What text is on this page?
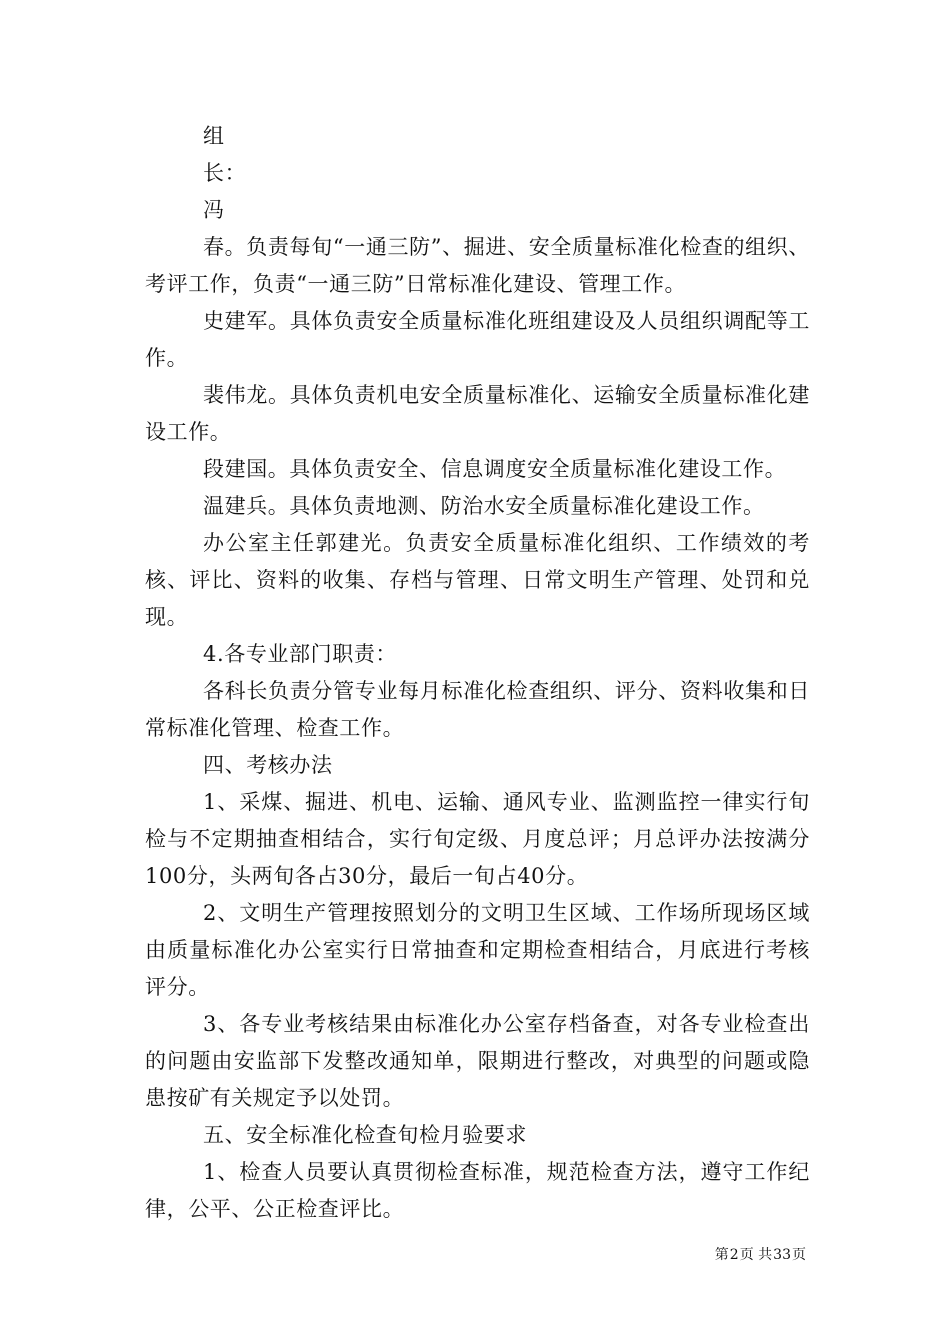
组

长：

冯

春。负责每旬“一通三防”、掘进、安全质量标准化检查的组织、考评工作，负责“一通三防”日常标准化建设、管理工作。

史建军。具体负责安全质量标准化班组建设及人员组织调配等工作。

裴伟龙。具体负责机电安全质量标准化、运输安全质量标准化建设工作。

段建国。具体负责安全、信息调度安全质量标准化建设工作。

温建兵。具体负责地测、防治水安全质量标准化建设工作。

办公室主任郭建光。负责安全质量标准化组织、工作绩效的考核、评比、资料的收集、存档与管理、日常文明生产管理、处罚和兑现。

4.各专业部门职责：

各科长负责分管专业每月标准化检查组织、评分、资料收集和日常标准化管理、检查工作。

四、考核办法

1、采煤、掘进、机电、运输、通风专业、监测监控一律实行旬检与不定期抽查相结合，实行旬定级、月度总评；月总评办法按满分100分，头两旬各占30分，最后一旬占40分。

2、文明生产管理按照划分的文明卫生区域、工作场所现场区域由质量标准化办公室实行日常抽查和定期检查相结合，月底进行考核评分。

3、各专业考核结果由标准化办公室存档备查，对各专业检查出的问题由安监部下发整改通知单，限期进行整改，对典型的问题或隐患按矿有关规定予以处罚。

五、安全标准化检查旬检月验要求

1、检查人员要认真贯彻检查标准，规范检查方法，遵守工作纪律，公平、公正检查评比。

第 2 页 共 33 页
